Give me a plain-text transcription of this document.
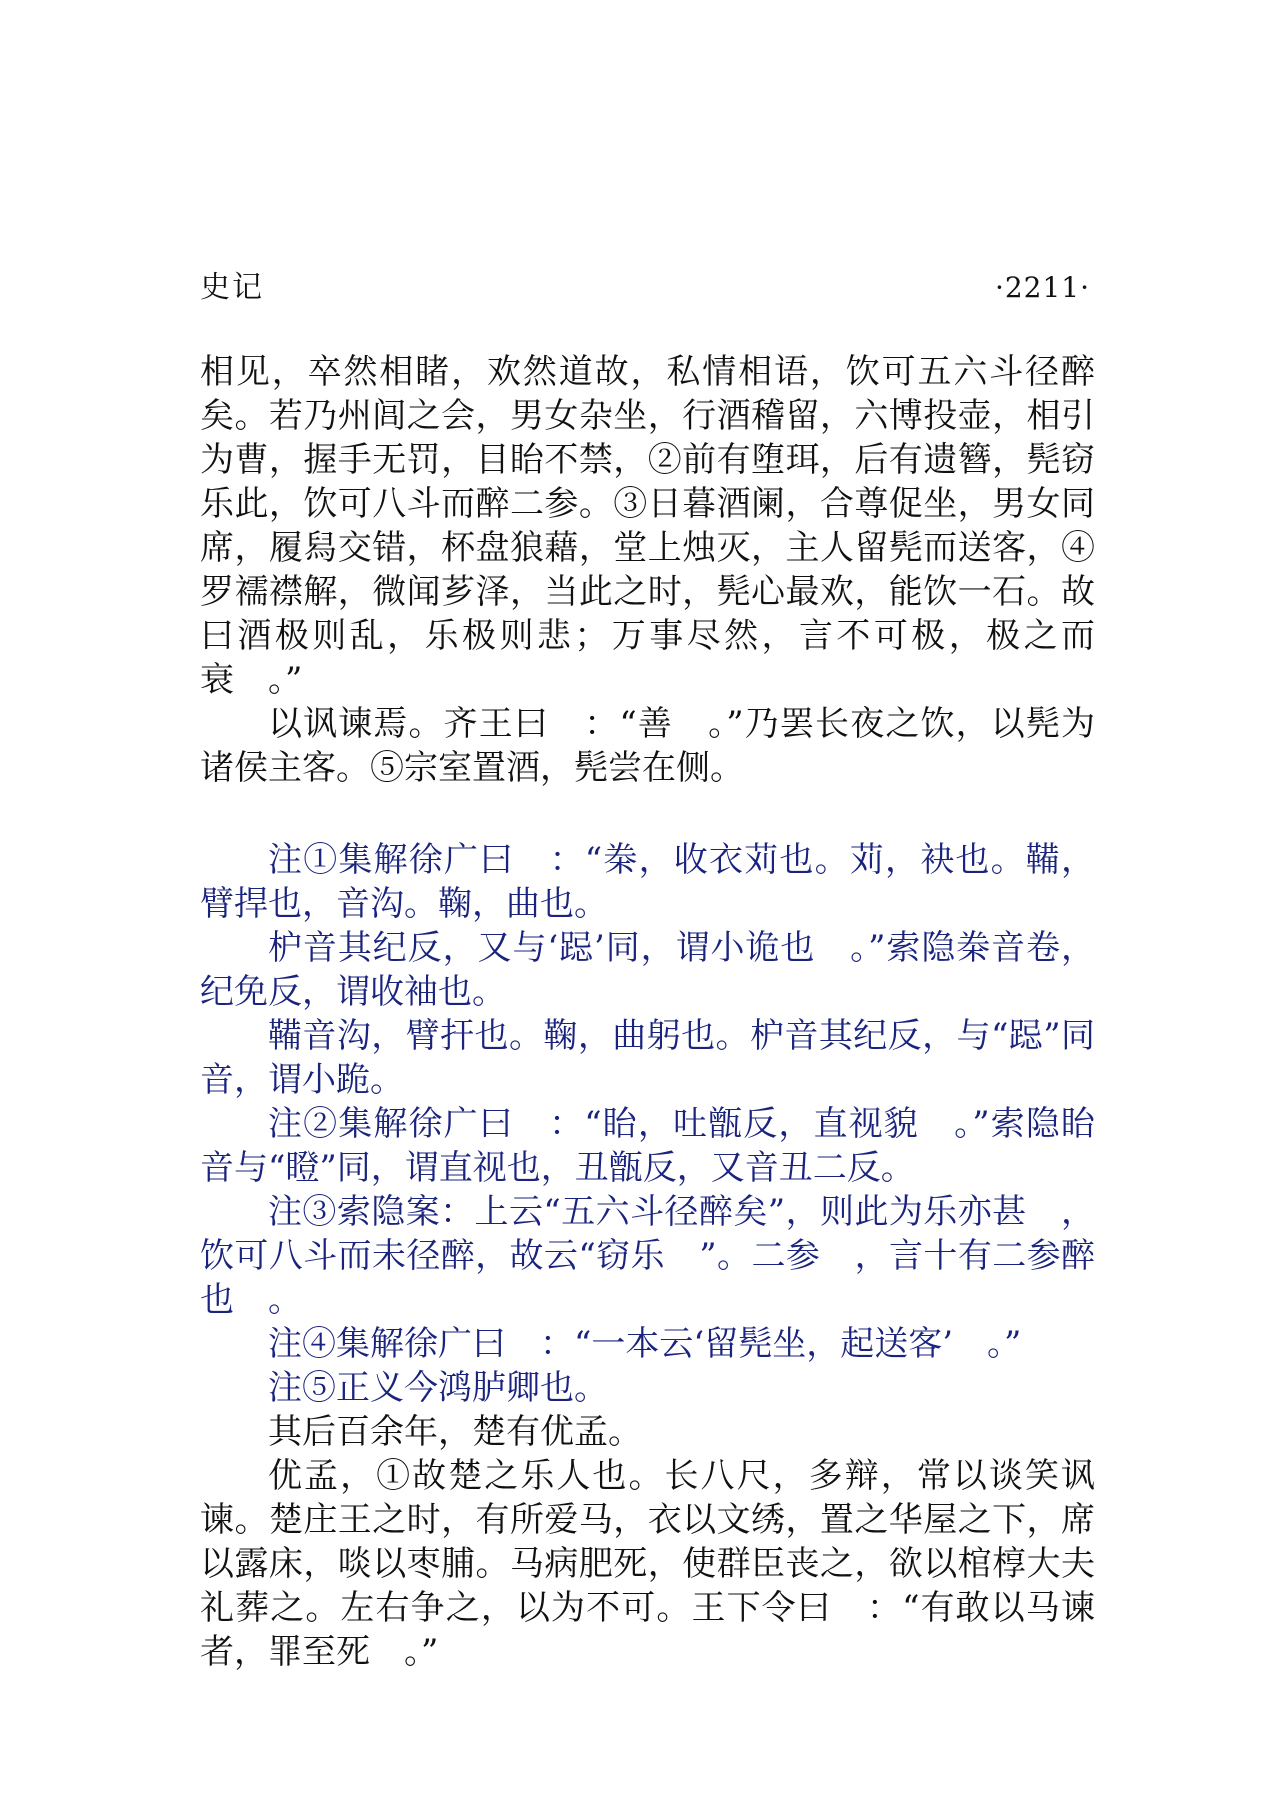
史记	·2211·

相见，卒然相睹，欢然道故，私情相语，饮可五六斗径醉矣。若乃州闾之会，男女杂坐，行酒稽留，六博投壶，相引为曹，握手无罚，目眙不禁，②前有堕珥，后有遗簪，髡窃乐此，饮可八斗而醉二参。③日暮酒阑，合尊促坐，男女同席，履舄交错，杯盘狼藉，堂上烛灭，主人留髡而送客，④罗襦襟解，微闻芗泽，当此之时，髡心最欢，能饮一石。故曰酒极则乱，乐极则悲；万事尽然，言不可极，极之而衰　。”

以讽谏焉。齐王曰　：“善　。”乃罢长夜之饮，以髡为诸侯主客。⑤宗室置酒，髡尝在侧。

注①集解徐广曰　：“桊，收衣苅也。苅，袂也。鞴，臂捍也，音沟。鞠，曲也。

枦音其纪反，又与‘跽’同，谓小诡也　。”索隐桊音卷，纪免反，谓收袖也。

鞴音沟，臂扞也。鞠，曲躬也。枦音其纪反，与“跽”同音，谓小跪。

注②集解徐广曰　：“眙，吐甑反，直视貌　。”索隐眙音与“瞪”同，谓直视也，丑甑反，又音丑二反。

注③索隐案：上云“五六斗径醉矣”，则此为乐亦甚　，饮可八斗而未径醉，故云“窃乐　”。二参　，言十有二参醉也　。

注④集解徐广曰　：“一本云‘留髡坐，起送客’　。”

注⑤正义今鸿胪卿也。

其后百余年，楚有优孟。

优孟，①故楚之乐人也。长八尺，多辩，常以谈笑讽谏。楚庄王之时，有所爱马，衣以文绣，置之华屋之下，席以露床，啖以枣脯。马病肥死，使群臣丧之，欲以棺椁大夫礼葬之。左右争之，以为不可。王下令曰　：“有敢以马谏者，罪至死　。”
